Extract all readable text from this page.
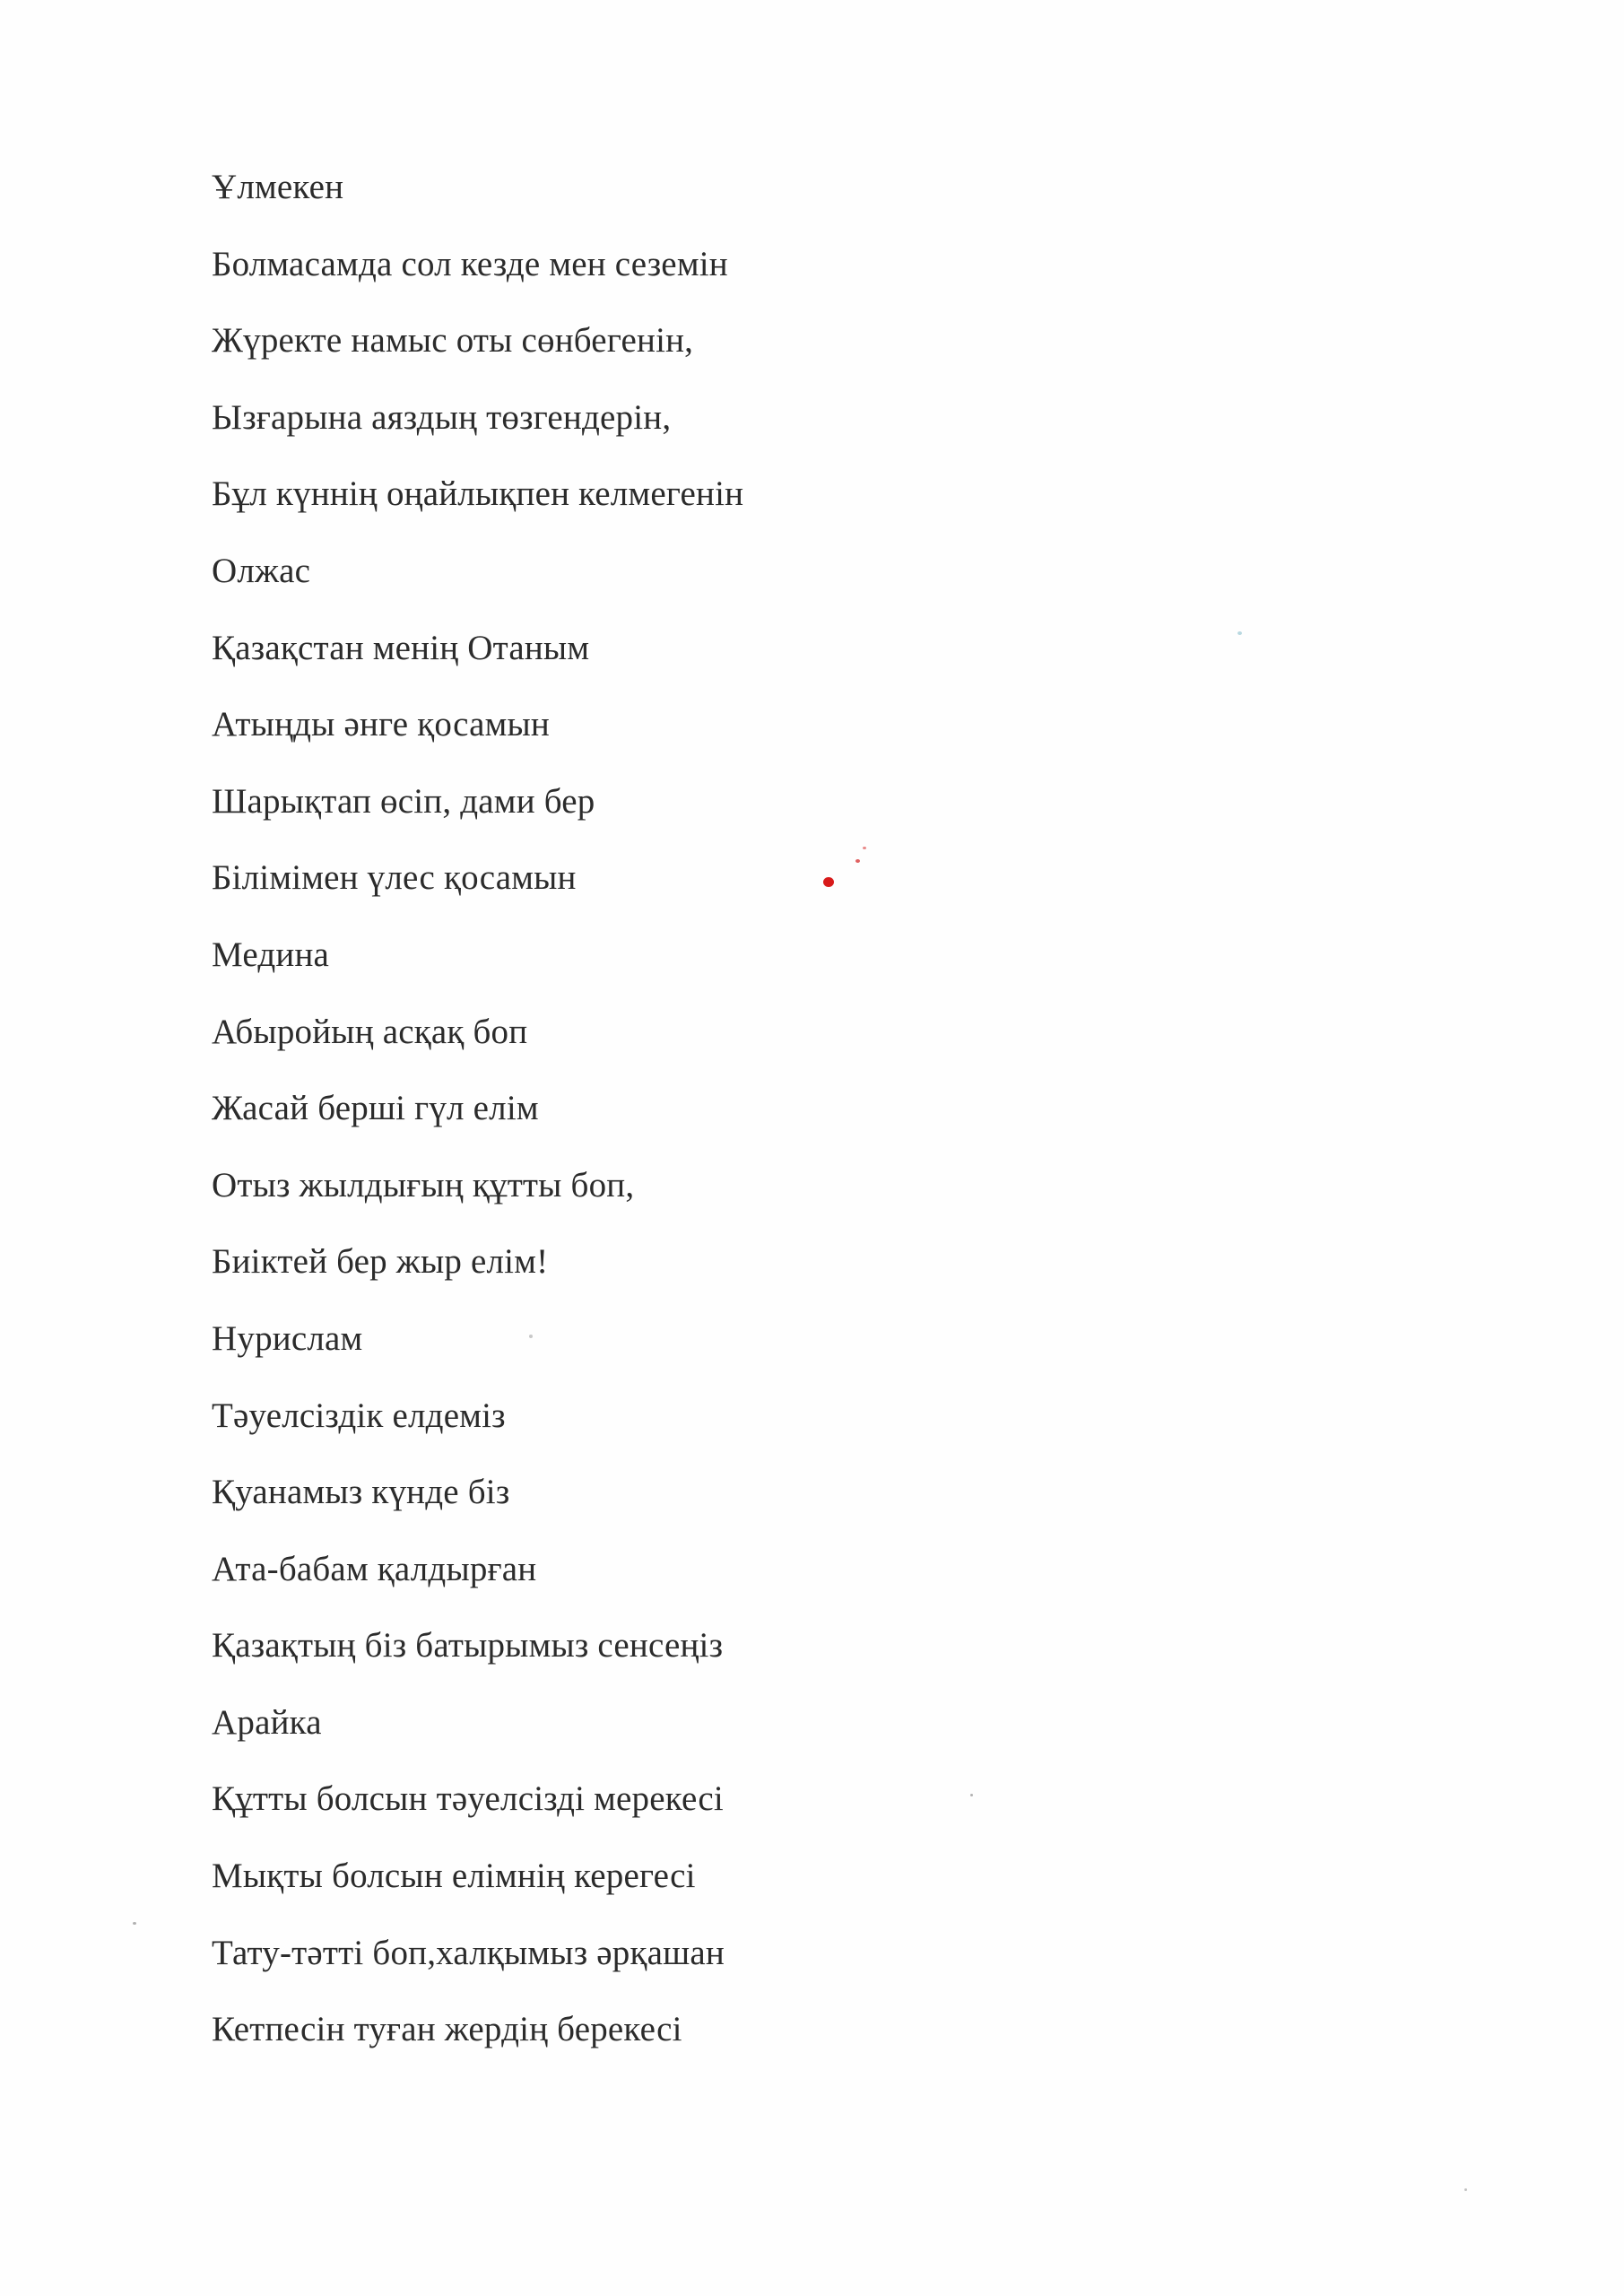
Ұлмекен
Болмасамда сол кезде мен сеземін
Жүректе намыс оты сөнбегенін,
Ызғарына аяздың төзгендерін,
Бұл күннің оңайлықпен келмегенін
Олжас
Қазақстан менің Отаным
Атыңды әнге қосамын
Шарықтап өсіп, дами бер
Білімімен үлес қосамын
Медина
Абыройың асқақ боп
Жасай берші гүл елім
Отыз жылдығың құтты боп,
Биіктей бер жыр елім!
Нурислам
Тәуелсіздік елдеміз
Қуанамыз күнде біз
Ата-бабам қалдырған
Қазақтың біз батырымыз сенсеңіз
Арайка
Құтты болсын тәуелсізді мерекесі
Мықты болсын елімнің керегесі
Тату-тәтті боп,халқымыз әрқашан
Кетпесін туған жердің берекесі
